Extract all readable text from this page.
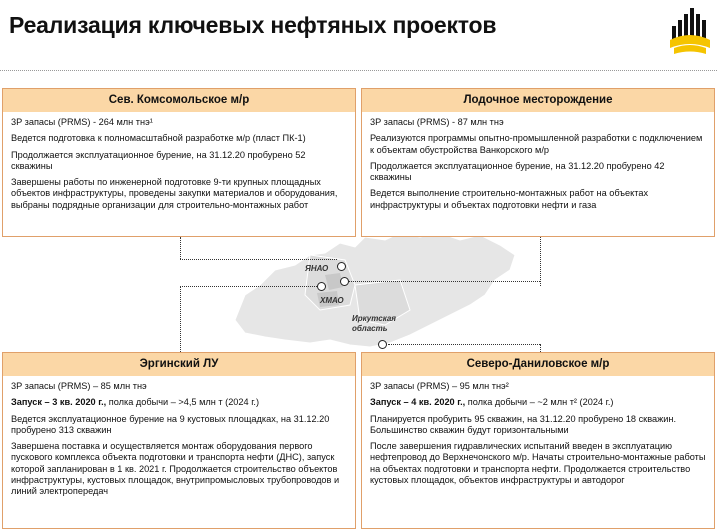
Реализация ключевых нефтяных проектов
ЯНАО
ХМАО
Иркутская область
Сев. Комсомольское м/р
3P запасы (PRMS) - 264 млн тнэ¹
Ведется подготовка к полномасштабной разработке м/р (пласт ПК-1)
Продолжается эксплуатационное бурение, на 31.12.20 пробурено 52 скважины
Завершены работы по инженерной подготовке 9-ти крупных площадных объектов инфраструктуры, проведены закупки материалов и оборудования, выбраны подрядные организации для строительно-монтажных работ
Лодочное месторождение
3P запасы (PRMS) - 87 млн тнэ
Реализуются программы опытно-промышленной разработки с подключением к объектам обустройства Ванкорского м/р
Продолжается эксплуатационное бурение, на 31.12.20 пробурено 42 скважины
Ведется выполнение строительно-монтажных работ на объектах инфраструктуры и объектах подготовки нефти и газа
Эргинский ЛУ
3P запасы (PRMS) – 85 млн тнэ
Запуск – 3 кв. 2020 г., полка добычи – >4,5 млн т (2024 г.)
Ведется эксплуатационное бурение на 9 кустовых площадках, на 31.12.20 пробурено 313 скважин
Завершена поставка и осуществляется монтаж оборудования первого пускового комплекса объекта подготовки и транспорта нефти (ДНС), запуск которой запланирован в 1 кв. 2021 г. Продолжается строительство объектов инфраструктуры, кустовых площадок, внутрипромысловых трубопроводов и линий электропередач
Северо-Даниловское м/р
3P запасы (PRMS) – 95 млн тнэ²
Запуск – 4 кв. 2020 г., полка добычи – ~2 млн т² (2024 г.)
Планируется пробурить 95 скважин, на 31.12.20 пробурено 18 скважин. Большинство скважин будут горизонтальными
После завершения гидравлических испытаний введен в эксплуатацию нефтепровод до Верхнечонского м/р. Начаты строительно-монтажные работы на объектах подготовки и транспорта нефти. Продолжается строительство кустовых площадок, объектов инфраструктуры и автодорог
